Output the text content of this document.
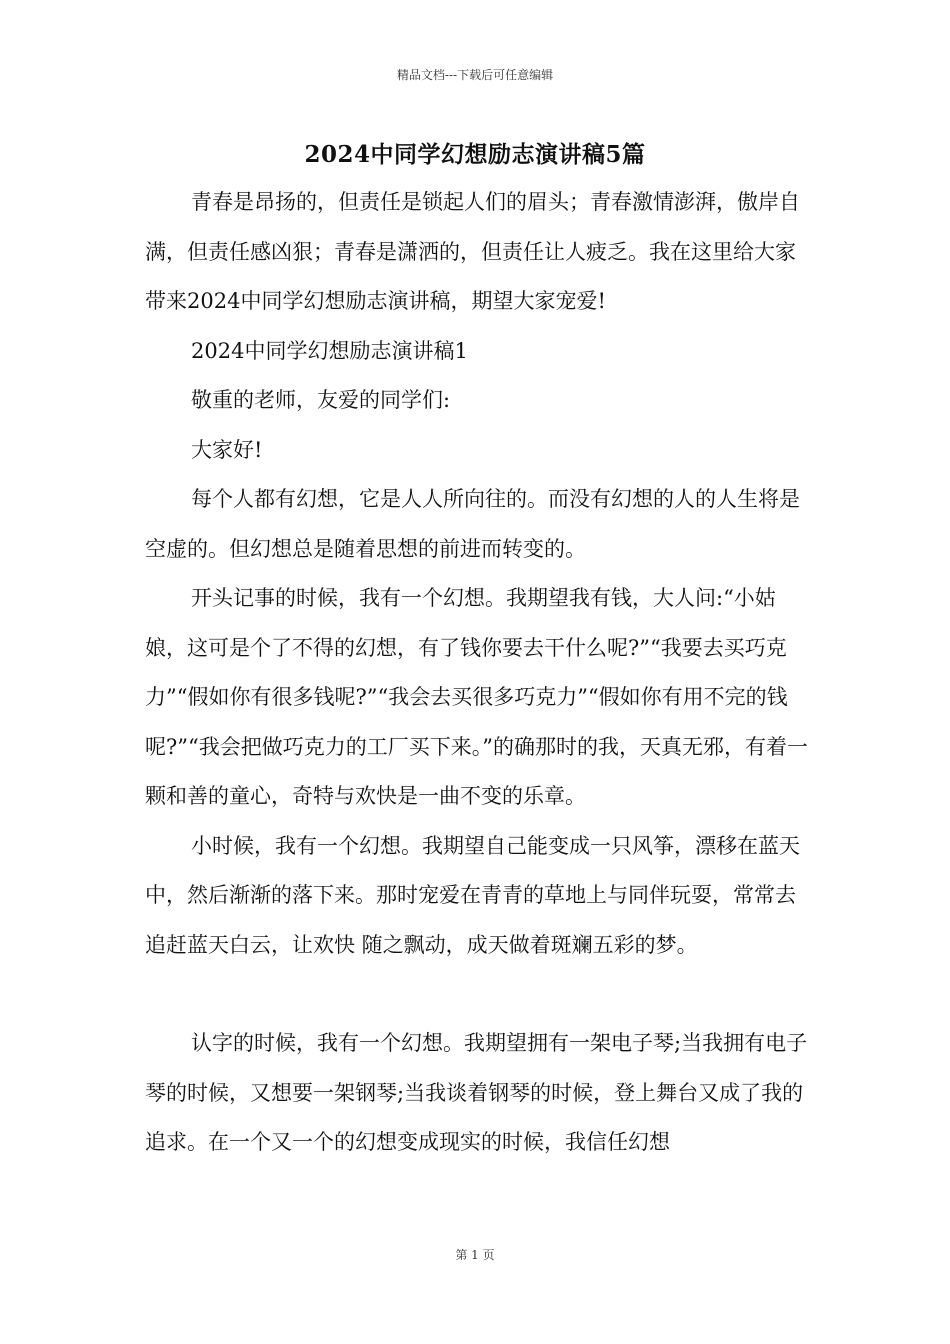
精品文档---下载后可任意编辑
2024中同学幻想励志演讲稿5篇

青春是昂扬的，但责任是锁起人们的眉头；青春激情澎湃，傲岸自满，但责任感凶狠；青春是潇洒的，但责任让人疲乏。我在这里给大家带来2024中同学幻想励志演讲稿，期望大家宠爱!

2024中同学幻想励志演讲稿1

敬重的老师，友爱的同学们:

大家好!

每个人都有幻想，它是人人所向往的。而没有幻想的人的人生将是空虚的。但幻想总是随着思想的前进而转变的。

开头记事的时候，我有一个幻想。我期望我有钱，大人问:“小姑娘，这可是个了不得的幻想，有了钱你要去干什么呢?”“我要去买巧克力”“假如你有很多钱呢?”“我会去买很多巧克力”“假如你有用不完的钱呢?”“我会把做巧克力的工厂买下来。”的确那时的我，天真无邪，有着一颗和善的童心，奇特与欢快是一曲不变的乐章。

小时候，我有一个幻想。我期望自己能变成一只风筝，漂移在蓝天中，然后渐渐的落下来。那时宠爱在青青的草地上与同伴玩耍，常常去追赶蓝天白云，让欢快 随之飘动，成天做着斑斓五彩的梦。

认字的时候，我有一个幻想。我期望拥有一架电子琴;当我拥有电子琴的时候，又想要一架钢琴;当我谈着钢琴的时候，登上舞台又成了我的追求。在一个又一个的幻想变成现实的时候，我信任幻想

第 1 页
